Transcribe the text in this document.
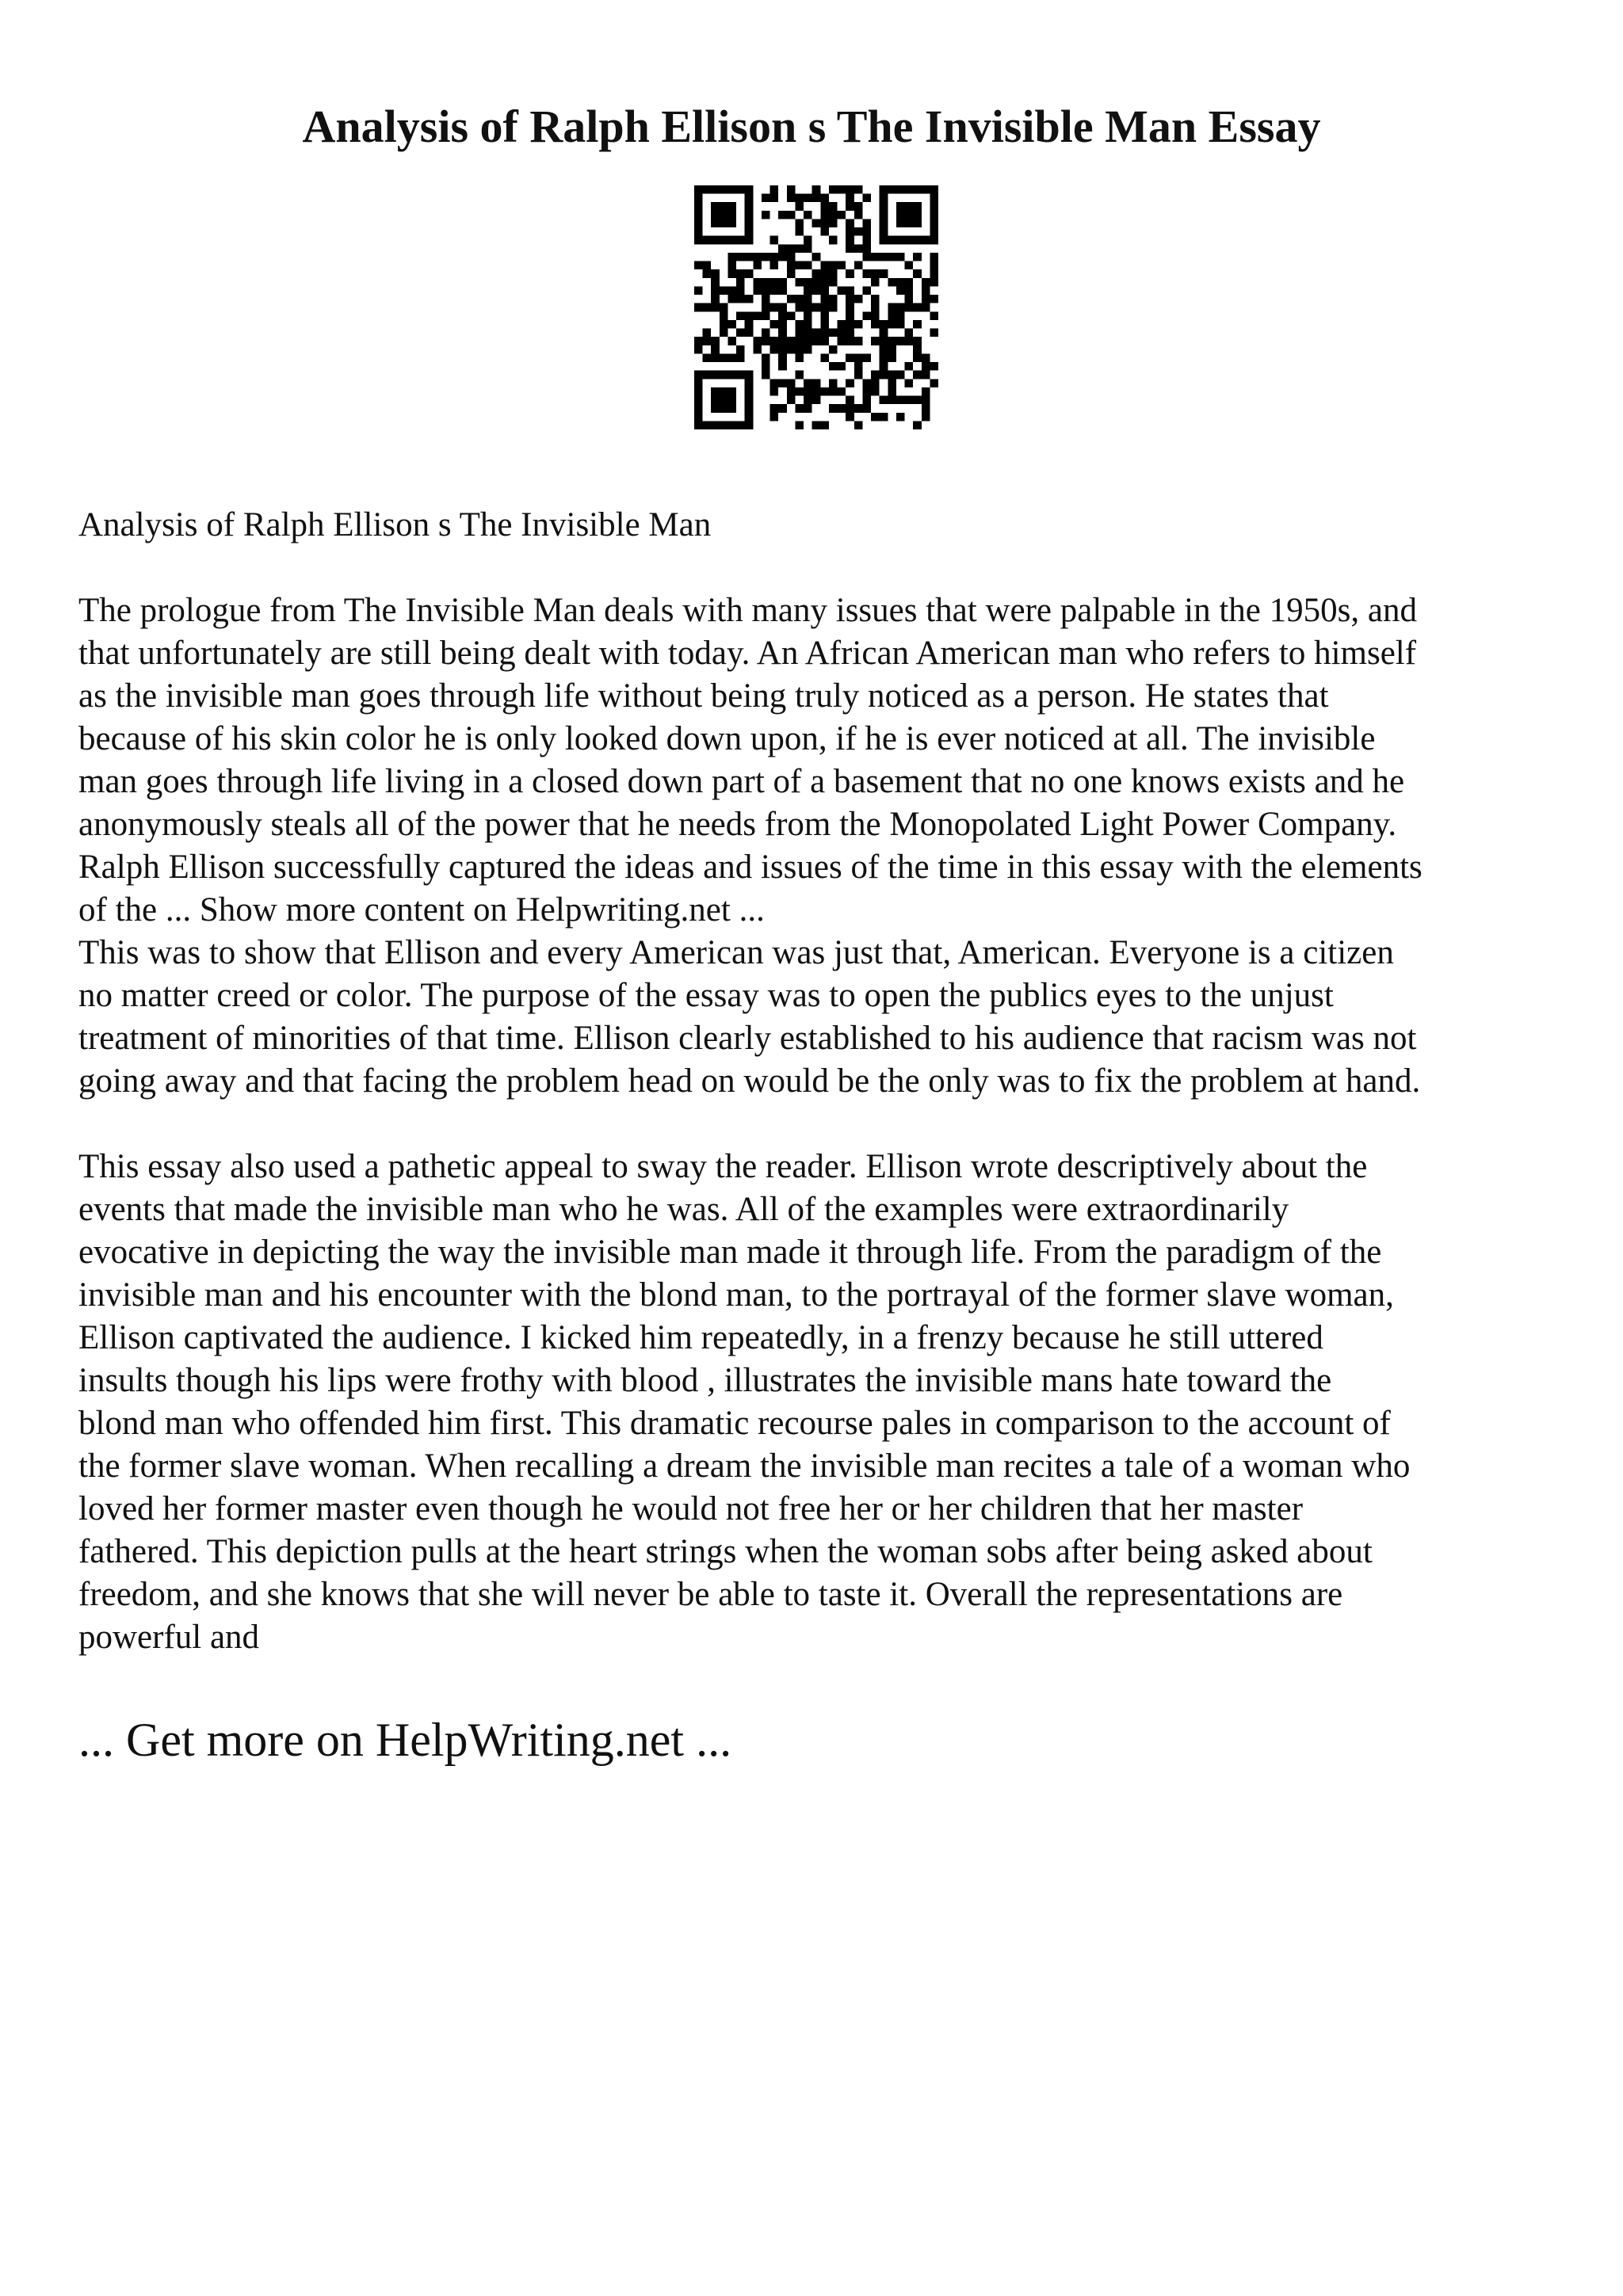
Analysis of Ralph Ellison s The Invisible Man Essay

Analysis of Ralph Ellison s The Invisible Man

The prologue from The Invisible Man deals with many issues that were palpable in the 1950s, and
that unfortunately are still being dealt with today. An African American man who refers to himself
as the invisible man goes through life without being truly noticed as a person. He states that
because of his skin color he is only looked down upon, if he is ever noticed at all. The invisible
man goes through life living in a closed down part of a basement that no one knows exists and he
anonymously steals all of the power that he needs from the Monopolated Light Power Company.
Ralph Ellison successfully captured the ideas and issues of the time in this essay with the elements
of the ... Show more content on Helpwriting.net ...
This was to show that Ellison and every American was just that, American. Everyone is a citizen
no matter creed or color. The purpose of the essay was to open the publics eyes to the unjust
treatment of minorities of that time. Ellison clearly established to his audience that racism was not
going away and that facing the problem head on would be the only was to fix the problem at hand.
This essay also used a pathetic appeal to sway the reader. Ellison wrote descriptively about the
events that made the invisible man who he was. All of the examples were extraordinarily
evocative in depicting the way the invisible man made it through life. From the paradigm of the
invisible man and his encounter with the blond man, to the portrayal of the former slave woman,
Ellison captivated the audience. I kicked him repeatedly, in a frenzy because he still uttered
insults though his lips were frothy with blood , illustrates the invisible mans hate toward the
blond man who offended him first. This dramatic recourse pales in comparison to the account of
the former slave woman. When recalling a dream the invisible man recites a tale of a woman who
loved her former master even though he would not free her or her children that her master
fathered. This depiction pulls at the heart strings when the woman sobs after being asked about
freedom, and she knows that she will never be able to taste it. Overall the representations are
powerful and

... Get more on HelpWriting.net ...
